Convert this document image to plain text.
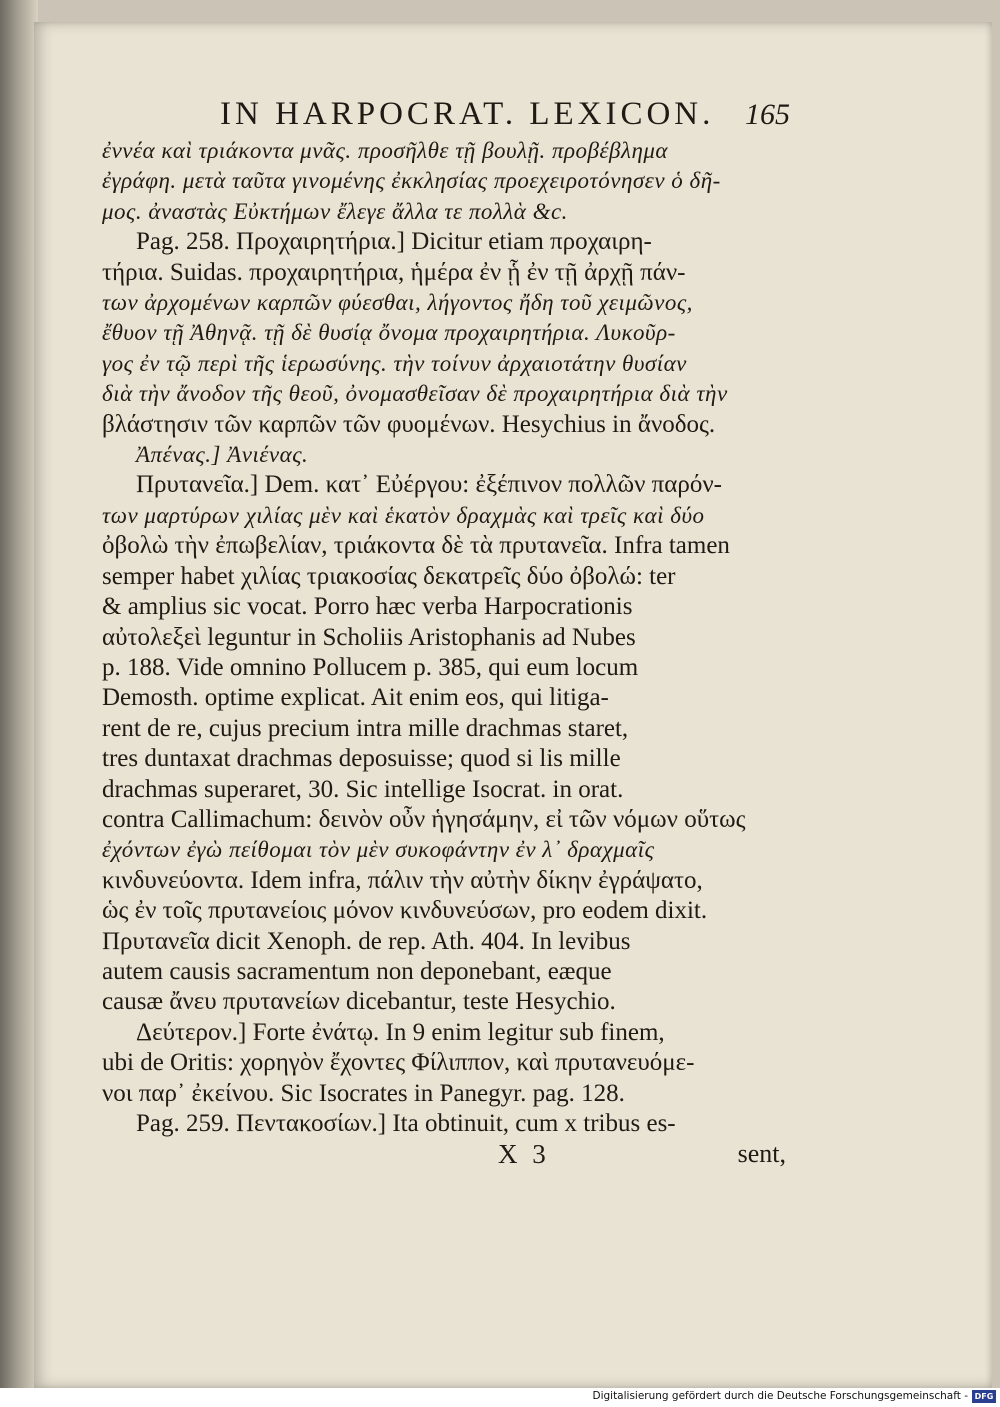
IN HARPOCRAT. LEXICON. 165
ἐννέα καὶ τριάκοντα μνᾶς. προσῆλθε τῇ βουλῇ. προβέβλημα
ἐγράφη. μετὰ ταῦτα γινομένης ἐκκλησίας προεχειροτόνησεν ὁ δῆ-
μος. ἀναστὰς Εὐκτήμων ἔλεγε ἄλλα τε πολλὰ &c.
Pag. 258. Προχαιρητήρια.] Dicitur etiam προχαιρη-
τήρια. Suidas. προχαιρητήρια, ἡμέρα ἐν ᾗ ἐν τῇ ἀρχῇ πάν-
των ἀρχομένων καρπῶν φύεσθαι, λήγοντος ἤδη τοῦ χειμῶνος,
ἔθυον τῇ Ἀθηνᾷ. τῇ δὲ θυσίᾳ ὄνομα προχαιρητήρια. Λυκοῦρ-
γος ἐν τῷ περὶ τῆς ἱερωσύνης. τὴν τοίνυν ἀρχαιοτάτην θυσίαν
διὰ τὴν ἄνοδον τῆς θεοῦ, ὀνομασθεῖσαν δὲ προχαιρητήρια διὰ τὴν
βλάστησιν τῶν καρπῶν τῶν φυομένων. Hesychius in ἄνοδος.
Ἀπένας.] Ἀνιένας.
Πρυτανεῖα.] Dem. κατ᾽ Εὐέργου: ἐξέπινον πολλῶν παρόν-
των μαρτύρων χιλίας μὲν καὶ ἑκατὸν δραχμὰς καὶ τρεῖς καὶ δύο
ὀβολὼ τὴν ἐπωβελίαν, τριάκοντα δὲ τὰ πρυτανεῖα. Infra tamen
semper habet χιλίας τριακοσίας δεκατρεῖς δύο ὀβολώ: ter
& amplius sic vocat. Porro hæc verba Harpocrationis
αὐτολεξεὶ leguntur in Scholiis Aristophanis ad Nubes
p. 188. Vide omnino Pollucem p. 385, qui eum locum
Demosth. optime explicat. Ait enim eos, qui litiga-
rent de re, cujus precium intra mille drachmas staret,
tres duntaxat drachmas deposuisse; quod si lis mille
drachmas superaret, 30. Sic intellige Isocrat. in orat.
contra Callimachum: δεινὸν οὖν ἡγησάμην, εἰ τῶν νόμων οὕτως
ἐχόντων ἐγὼ πείθομαι τὸν μὲν συκοφάντην ἐν λ᾽ δραχμαῖς
κινδυνεύοντα. Idem infra, πάλιν τὴν αὐτὴν δίκην ἐγράψατο,
ὡς ἐν τοῖς πρυτανείοις μόνον κινδυνεύσων, pro eodem dixit.
Πρυτανεῖα dicit Xenoph. de rep. Ath. 404. In levibus
autem causis sacramentum non deponebant, eæque
causæ ἄνευ πρυτανείων dicebantur, teste Hesychio.
Δεύτερον.] Forte ἐνάτῳ. In 9 enim legitur sub finem,
ubi de Oritis: χορηγὸν ἔχοντες Φίλιππον, καὶ πρυτανευόμε-
νοι παρ᾽ ἐκείνου. Sic Isocrates in Panegyr. pag. 128.
Pag. 259. Πεντακοσίων.] Ita obtinuit, cum x tribus es-
X 3	sent,
Digitalisierung gefördert durch die Deutsche Forschungsgemeinschaft - DFG
